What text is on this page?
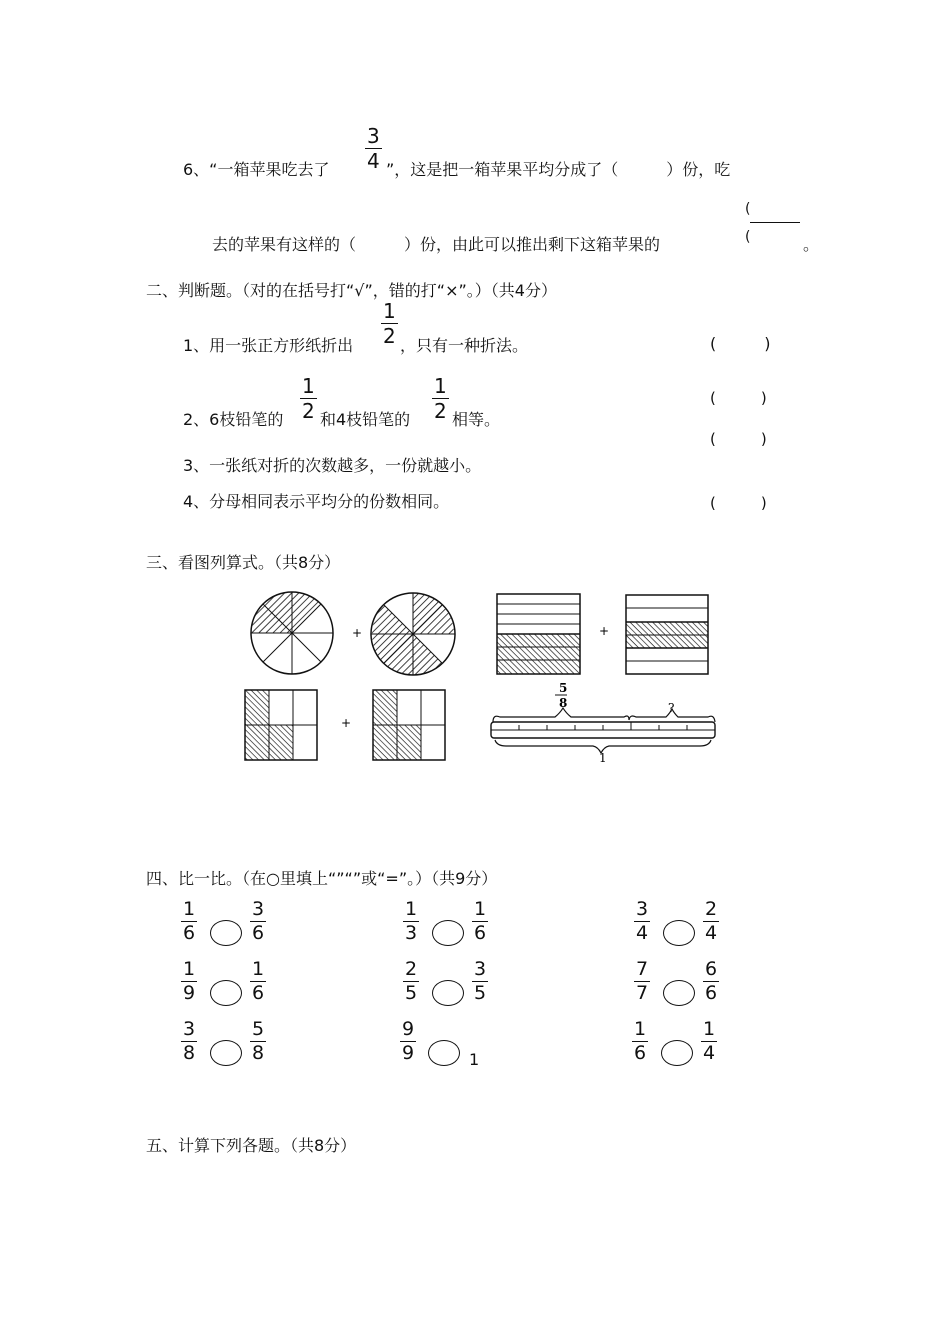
6、“一箱苹果吃去了 $\frac{3}{4}$ ”，这是把一箱苹果平均分成了（　　　）份，吃
去的苹果有这样的（　　　）份，由此可以推出剩下这箱苹果的
(
(	。
二、判断题。（对的在括号打“√”，错的打“×”。）（共4分）
1、用一张正方形纸折出 $\frac{1}{2}$ ，只有一种折法。	(　　　)
2、6枝铅笔的 $\frac{1}{2}$ 和4枝铅笔的 $\frac{1}{2}$ 相等。
(　　　)
3、一张纸对折的次数越多，一份就越小。
(　　　)
4、分母相同表示平均分的份数相同。	(　　　)
三、看图列算式。（共8分）
+	+
+
5
8	?
1
四、比一比。（在○里填上“”“”或“=”。）（共9分）
$\frac{1}{6}$	$\frac{3}{6}$	$\frac{1}{3}$	$\frac{1}{6}$	$\frac{3}{4}$	$\frac{2}{4}$
$\frac{1}{9}$	$\frac{1}{6}$	$\frac{2}{5}$	$\frac{3}{5}$	$\frac{7}{7}$	$\frac{6}{6}$
$\frac{3}{8}$	$\frac{5}{8}$	$\frac{9}{9}$	1	$\frac{1}{6}$	$\frac{1}{4}$
五、计算下列各题。（共8分）
